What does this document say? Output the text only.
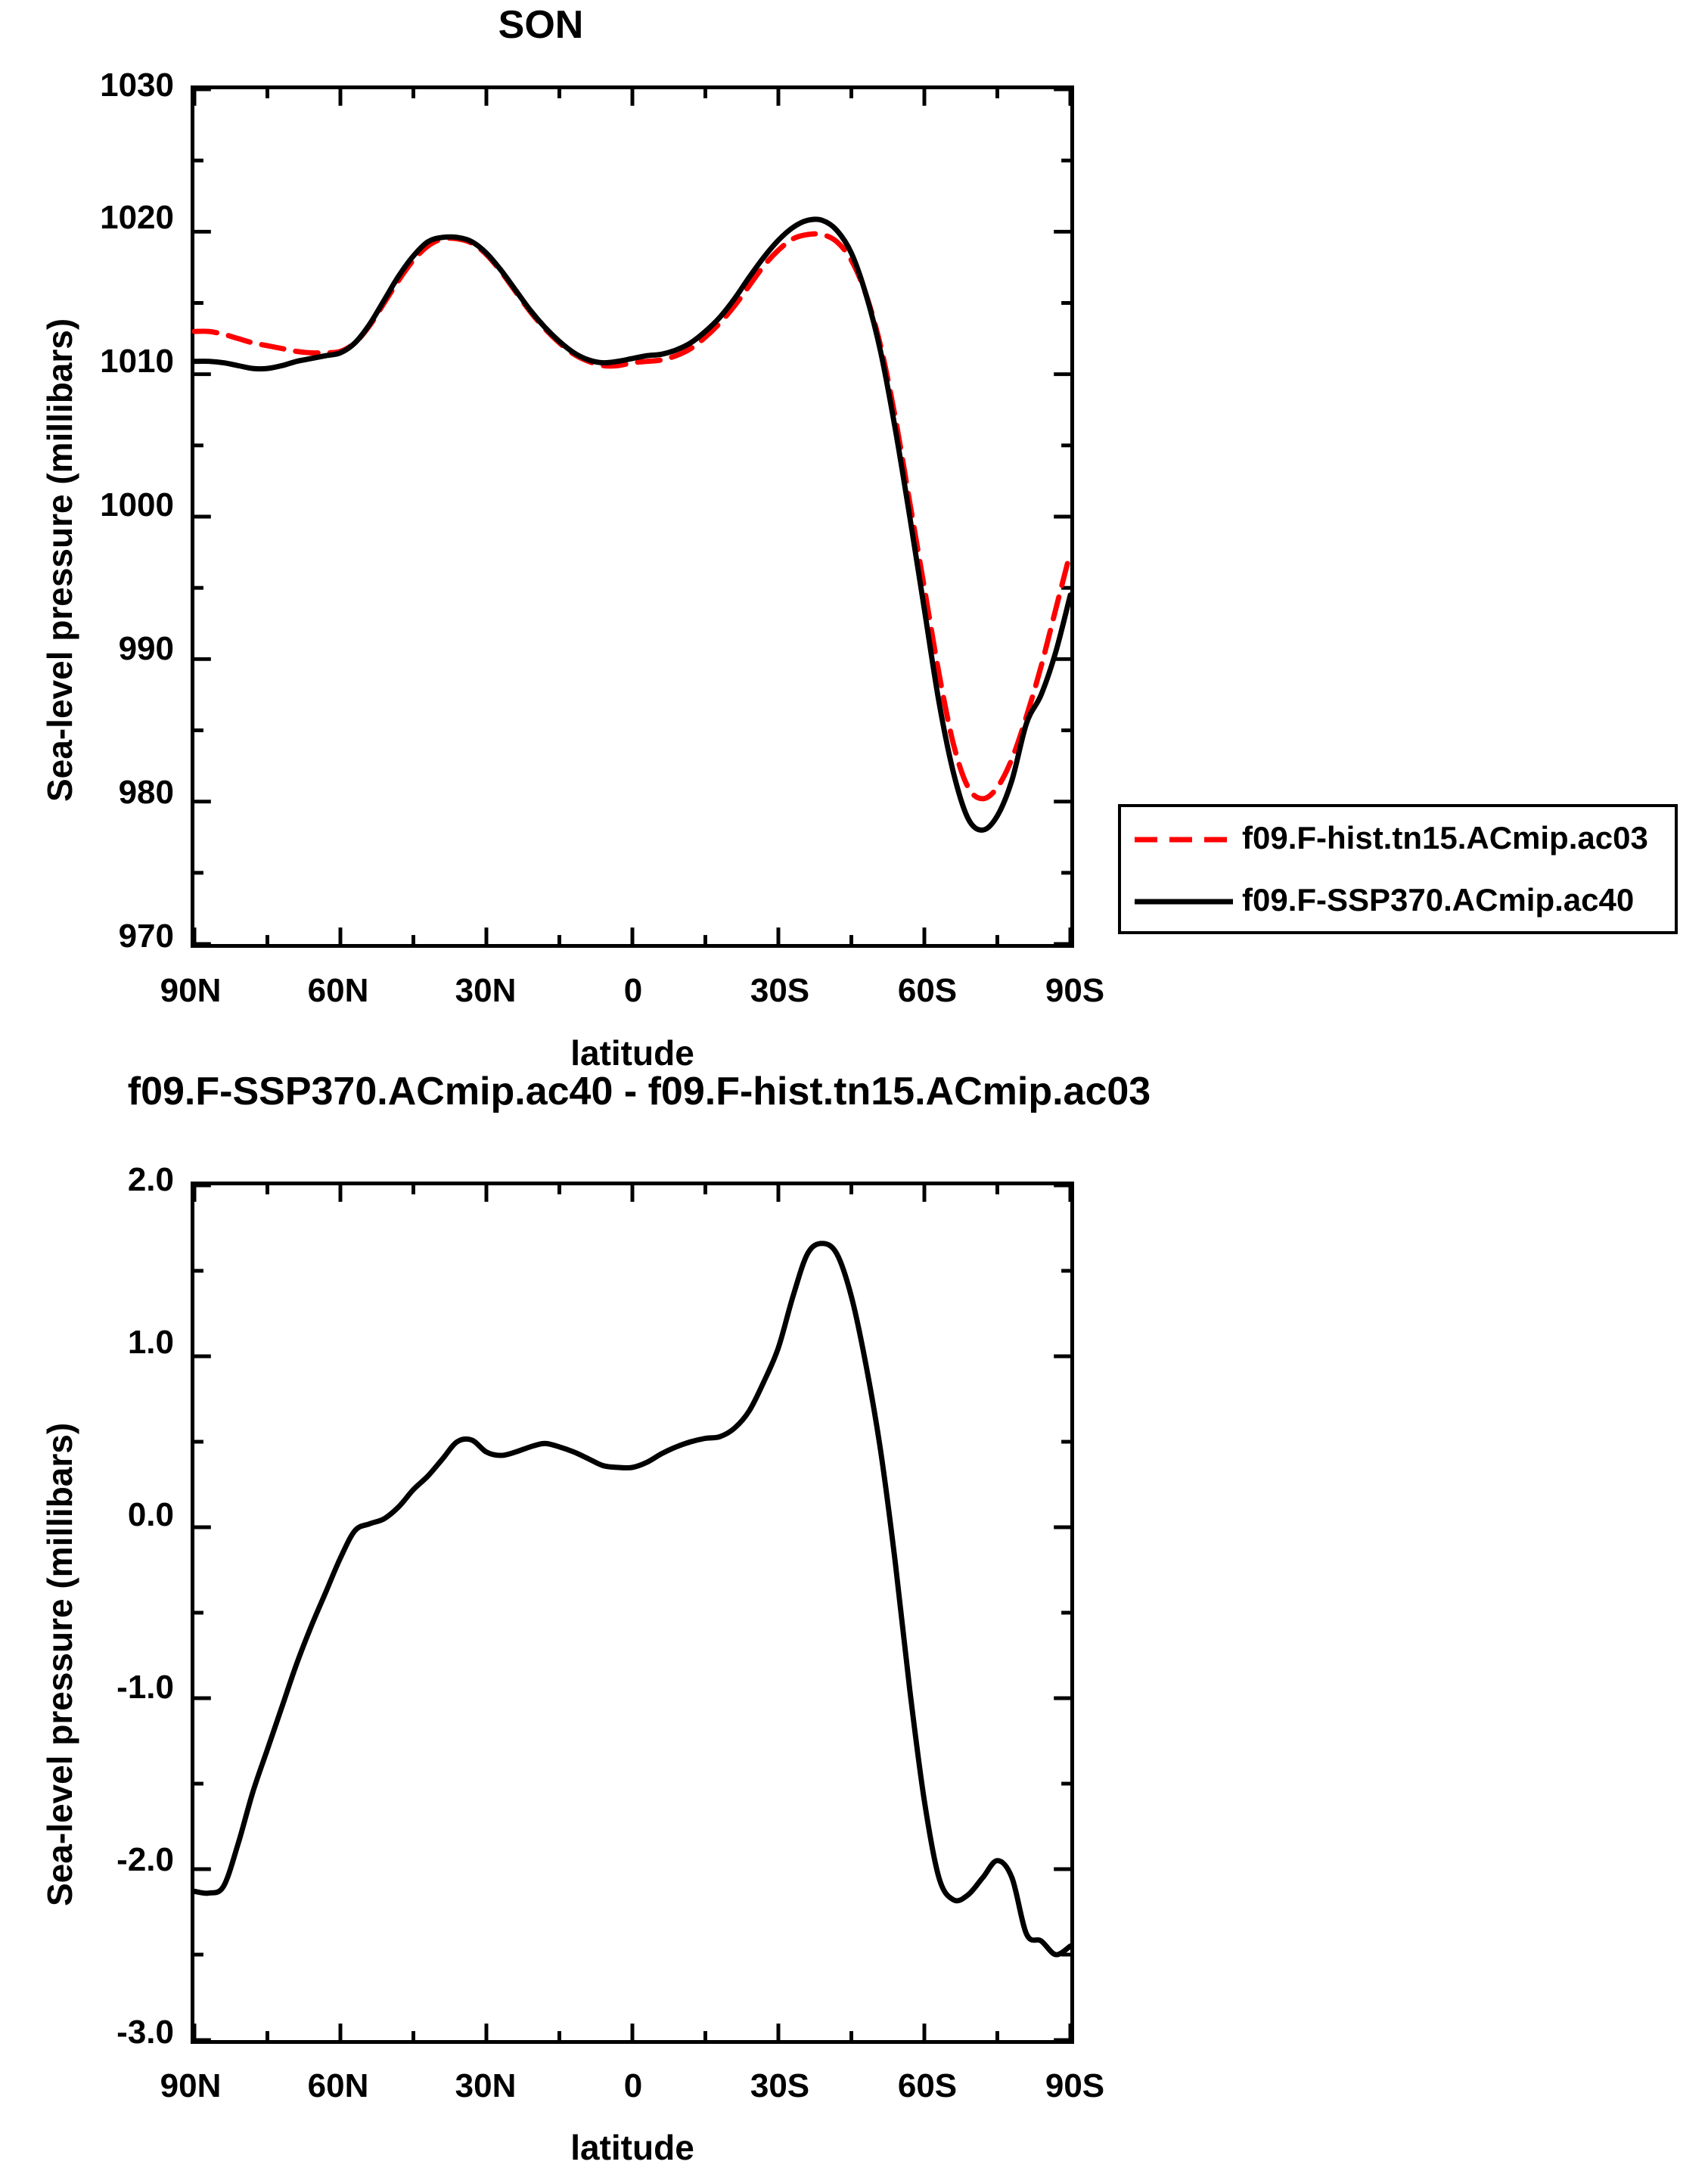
SON
Sea-level pressure (millibars)
970
980
990
1000
1010
1020
1030
90N	60N	30N	0	30S	60S	90S
latitude
f09.F-hist.tn15.ACmip.ac03
f09.F-SSP370.ACmip.ac40
f09.F-SSP370.ACmip.ac40 - f09.F-hist.tn15.ACmip.ac03
Sea-level pressure (millibars)
-3.0
-2.0
-1.0
0.0
1.0
2.0
90N	60N	30N	0	30S	60S	90S
latitude
